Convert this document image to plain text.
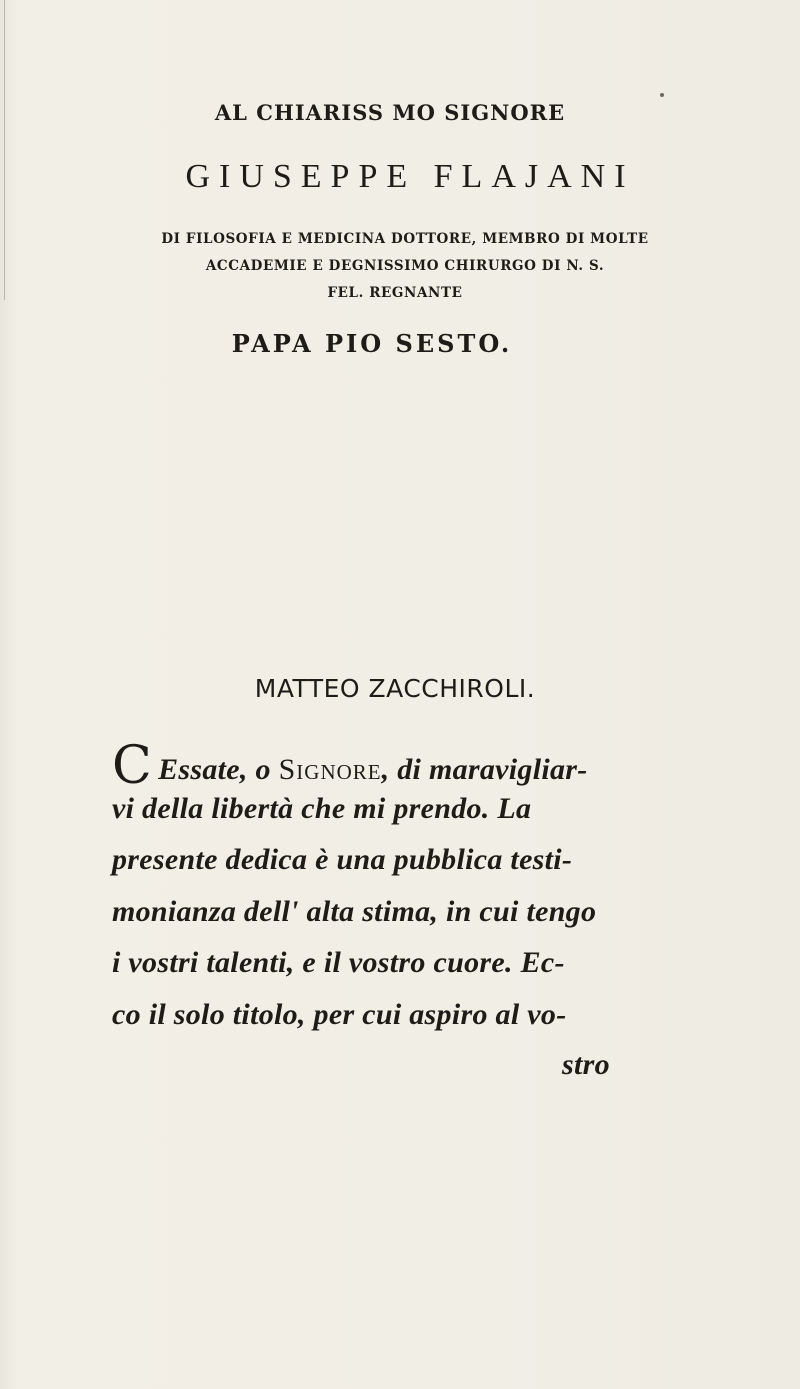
AL CHIARISS MO SIGNORE
GIUSEPPE FLAJANI
DI FILOSOFIA E MEDICINA DOTTORE, MEMBRO DI MOLTE
ACCADEMIE E DEGNISSIMO CHIRURGO DI N. S.
FEL. REGNANTE
PAPA PIO SESTO.
MATTEO ZACCHIROLI.
C Essate, o Signore, di maravigliar-
vi della libertà che mi prendo. La
presente dedica è una pubblica testi-
monianza dell' alta stima, in cui tengo
i vostri talenti, e il vostro cuore. Ec-
co il solo titolo, per cui aspiro al vo-
stro
